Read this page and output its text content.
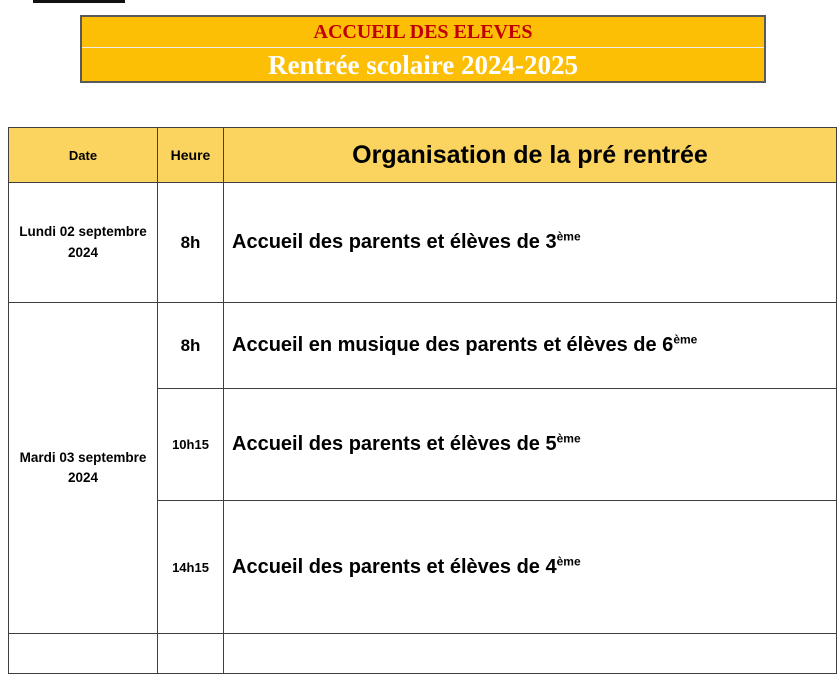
ACCUEIL DES ELEVES
Rentrée scolaire 2024-2025
Date	Heure	Organisation de la pré rentrée
Lundi 02 septembre 2024	8h	Accueil des parents et élèves de 3ème
Mardi 03 septembre 2024	8h	Accueil en musique des parents et élèves de 6ème
	10h15	Accueil des parents et élèves de 5ème
	14h15	Accueil des parents et élèves de 4ème
